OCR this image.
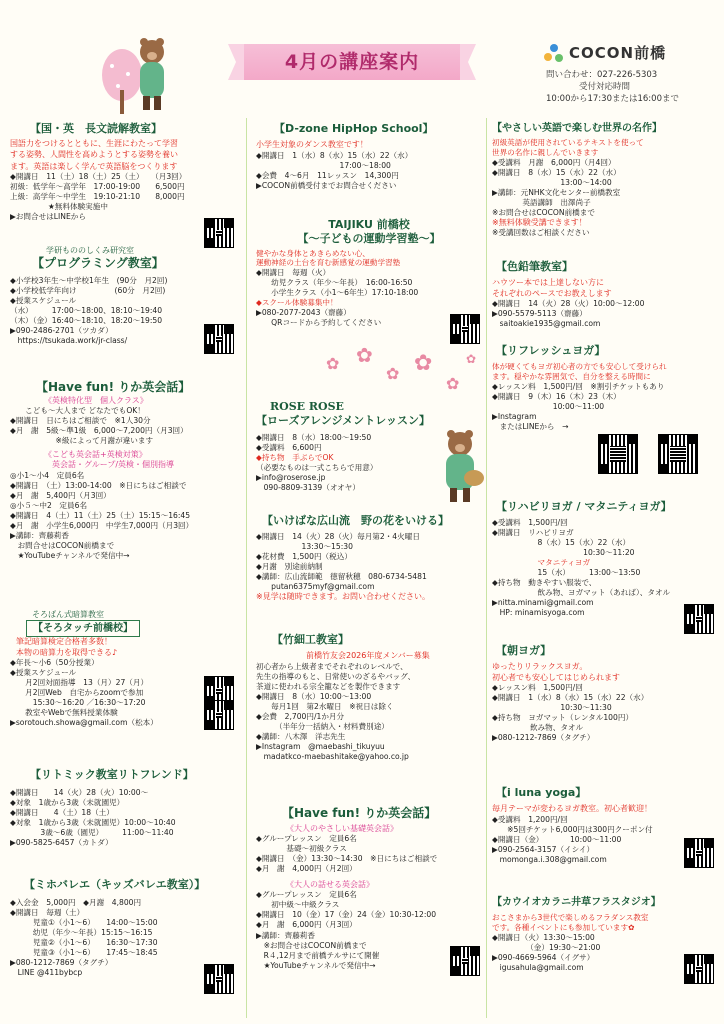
4月の講座案内	COCON前橋
問い合わせ：027-226-5303
受付対応時間
10:00から17:30または16:00まで
【国・英　長文読解教室】
国語力をつけるとともに、生涯にわたって学習
する姿勢、人間性を高めようとする姿勢を養い
ます。英語は楽しく学んで英語脳をつくります
◆開講日　11（土）18（土）25（土）　　（月3回）
初級：低学年～高学年　17:00-19:00　　6,500円
上級：高学年～中学生　19:10-21:10　　8,000円
　　　　　★無料体験実施中
▶お問合せはLINEから
学研もののしくみ研究室
【プログラミング教室】
◆小学校3年生～中学校1年生　(90分　月2回)
◆小学校低学年向け　　　　　(60分　月2回)
◆授業スケジュール
（水）　　　17:00～18:00、18:10～19:40
（木）（金）16:40～18:10、18:20～19:50
▶090-2486-2701（ツカダ）
　https://tsukada.work/jr-class/
【Have fun! りか英会話】
《英検特化型　個人クラス》
　　こども～大人まで どなたでもOK！
◆開講日　日にちはご相談で　※1人30分
◆月　謝　5級～準1級　6,000～7,200円（月3回）
　　　　　　※級によって月謝が違います
《こども英会話+英検対策》
　英会話・グループ/英検・個別指導
◎小1～小4　定員6名
◆開講日　（土）13:00-14:00　※日にちはご相談で
◆月　謝　5,400円（月3回）
◎小５～中2　定員6名
◆開講日　4（土）11（土）25（土）15:15～16:45
◆月　謝　小学生6,000円　中学生7,000円（月3回）
▶講師：齊藤莉香
　お問合せはCOCON前橋まで
　★YouTubeチャンネルで発信中→
そろばん式暗算教室
【そろタッチ前橋校】
筆記暗算検定合格者多数！
本物の暗算力を取得できる♪
◆年長～小6（50分授業）
◆授業スケジュール
　　月2回対面指導　13（月）27（月）
　　月2回Web　自宅からzoomで参加
　　　15:30～16:20 ／16:30～17:20
　　教室やWebで無料授業体験
▶sorotouch.showa@gmail.com（松本）
【リトミック教室リトフレンド】
◆開講日　　14（火）28（火）10:00～
◆対象　1歳から3歳（未就園児）
◆開講日　　4（土）18（土）
◆対象　1歳から3歳（未就園児）10:00～10:40
　　　　3歳～6歳（園児）　　　11:00～11:40
▶090-5825-6457（カトダ）
【ミホバレエ（キッズバレエ教室）】
◆入会金　5,000円　◆月謝　4,800円
◆開講日　毎週（土）
　　　児童①（小1～6）　　14:00～15:00
　　　幼児（年少～年長）15:15～16:15
　　　児童②（小1～6）　　16:30～17:30
　　　児童③（小1～6）　　17:45～18:45
▶080-1212-7869（タグチ）
　LINE @411bybcp
【D-zone HipHop School】
小学生対象のダンス教室です！
◆開講日　1（水）8（水）15（水）22（水）
　　　　　　　　　　　17:00～18:00
◆会費　4～6月　11レッスン　14,300円
▶COCON前橋受付までお問合せください
TAIJIKU 前橋校
【～子どもの運動学習塾～】
健やかな身体とあきらめない心、
運動神経の土台を育む新感覚の運動学習塾
◆開講日　毎週（火）
　　幼児クラス（年少～年長）　16:00-16:50
　　小学生クラス（小1～6年生）17:10-18:00
◆スクール体験募集中！
▶080-2077-2043（齋藤）
　　QRコードから予約してください
✿ ✿
✿ ✿
✿
✿
ROSE ROSE
【ローズアレンジメントレッスン】
◆開講日　8（水）18:00～19:50
◆受講料　6,600円
◆持ち物　手ぶらでOK
（必要なものは一式こちらで用意）
▶info@roserose.jp
　090-8809-3139（オオヤ）
【いけばな広山流　野の花をいける】
◆開講日　14（火）28（火）毎月第2・4火曜日
　　　　　　13:30～15:30
◆花材費　1,500円（税込）
◆月謝　別途前納制
◆講師：広山流師範　徳留秋穂　080-6734-5481
　　putan6375myf@gmail.com
※見学は随時できます。お問い合わせください。
【竹細工教室】
前橋竹友会2026年度メンバー募集
初心者から上級者までそれぞれのレベルで、
先生の指導のもと、日常使いのざるやバッグ、
茶道に使われる宗全籠などを製作できます
◆開講日　8（水）10:00～13:00
　　毎月1回　第2水曜日　※祝日は除く
◆会費　2,700円/1か月分
　　　（半年分一括納入・材料費別途）
◆講師：八木澤　洋志先生
▶Instagram　@maebashi_tikuyuu
　madatkco-maebashitake@yahoo.co.jp
【Have fun! りか英会話】
《大人のやさしい基礎英会話》
◆グループレッスン　定員6名
　　　　基礎～初級クラス
◆開講日　（金）13:30～14:30　※日にちはご相談で
◆月　謝　4,000円（月2回）
《大人の話せる英会話》
◆グループレッスン　定員6名
　　初中級～中級クラス
◆開講日　10（金）17（金）24（金）10:30-12:00
◆月　謝　6,000円（月3回）
▶講師：齊藤莉香
　※お問合せはCOCON前橋まで
　R４,12月まで前橋テルサにて開催
　★YouTubeチャンネルで発信中→
【やさしい英語で楽しむ世界の名作】
初級英語が使用されているテキストを使って
世界の名作に親しんでいきます
◆受講料　月謝　6,000円（月4回）
◆開講日　8（水）15（水）22（水）
　　　　　　　　　13:00～14:00
▶講師：元NHK文化センター前橋教室
　　　　英語講師　出澤尚子
※お問合せはCOCON前橋まで
※無料体験受講できます！
※受講回数はご相談ください
【色鉛筆教室】
ハウツー本では上達しない方に
それぞれのペースでお教えします
◆開講日　14（火）28（火）10:00～12:00
▶090-5579-5113（齋藤）
　saitoakie1935@gmail.com
【リフレッシュヨガ】
体が硬くてもヨガ初心者の方でも安心して受けられ
ます。穏やかな雰囲気で、自分を整える時間に
◆レッスン料　1,500円/回　※割引チケットもあり
◆開講日　9（木）16（木）23（木）
　　　　　　　　10:00～11:00
▶Instagram
　またはLINEから　→
【リハビリヨガ / マタニティヨガ】
◆受講料　1,500円/回
◆開講日　リハビリヨガ
　　　　　　8（水）15（水）22（水）
　　　　　　　　　　　　10:30～11:20
　　　　　　マタニティヨガ
　　　　　　15（水）　　　13:00～13:50
◆持ち物　動きやすい服装で、
　　　　　　飲み物、ヨガマット（あれば）、タオル
▶nitta.minami@gmail.com
　HP: minamisyoga.com
【朝ヨガ】
ゆったりリラックスヨガ。
初心者でも安心してはじめられます
◆レッスン料　1,500円/回
◆開講日　1（水）8（水）15（水）22（水）
　　　　　　　　　10:30～11:30
◆持ち物　ヨガマット（レンタル100円）
　　　　　飲み物、タオル
▶080-1212-7869（タグチ）
【i luna yoga】
毎月テーマが変わるヨガ教室。初心者歓迎！
◆受講料　1,200円/回
　　※5回チケット6,000円は300円クーポン付
◆開講日（金）　　　　10:00～11:00
▶090-2564-3157（イシイ）
　momonga.i.308@gmail.com
【カウイオカラニ井草フラスタジオ】
おこさまから3世代で楽しめるフラダンス教室
です。各種イベントにも参加しています✿
◆開講日（火）13:30～15:00
　　　　　（金）19:30～21:00
▶090-4669-5964（イグサ）
　igusahula@gmail.com
